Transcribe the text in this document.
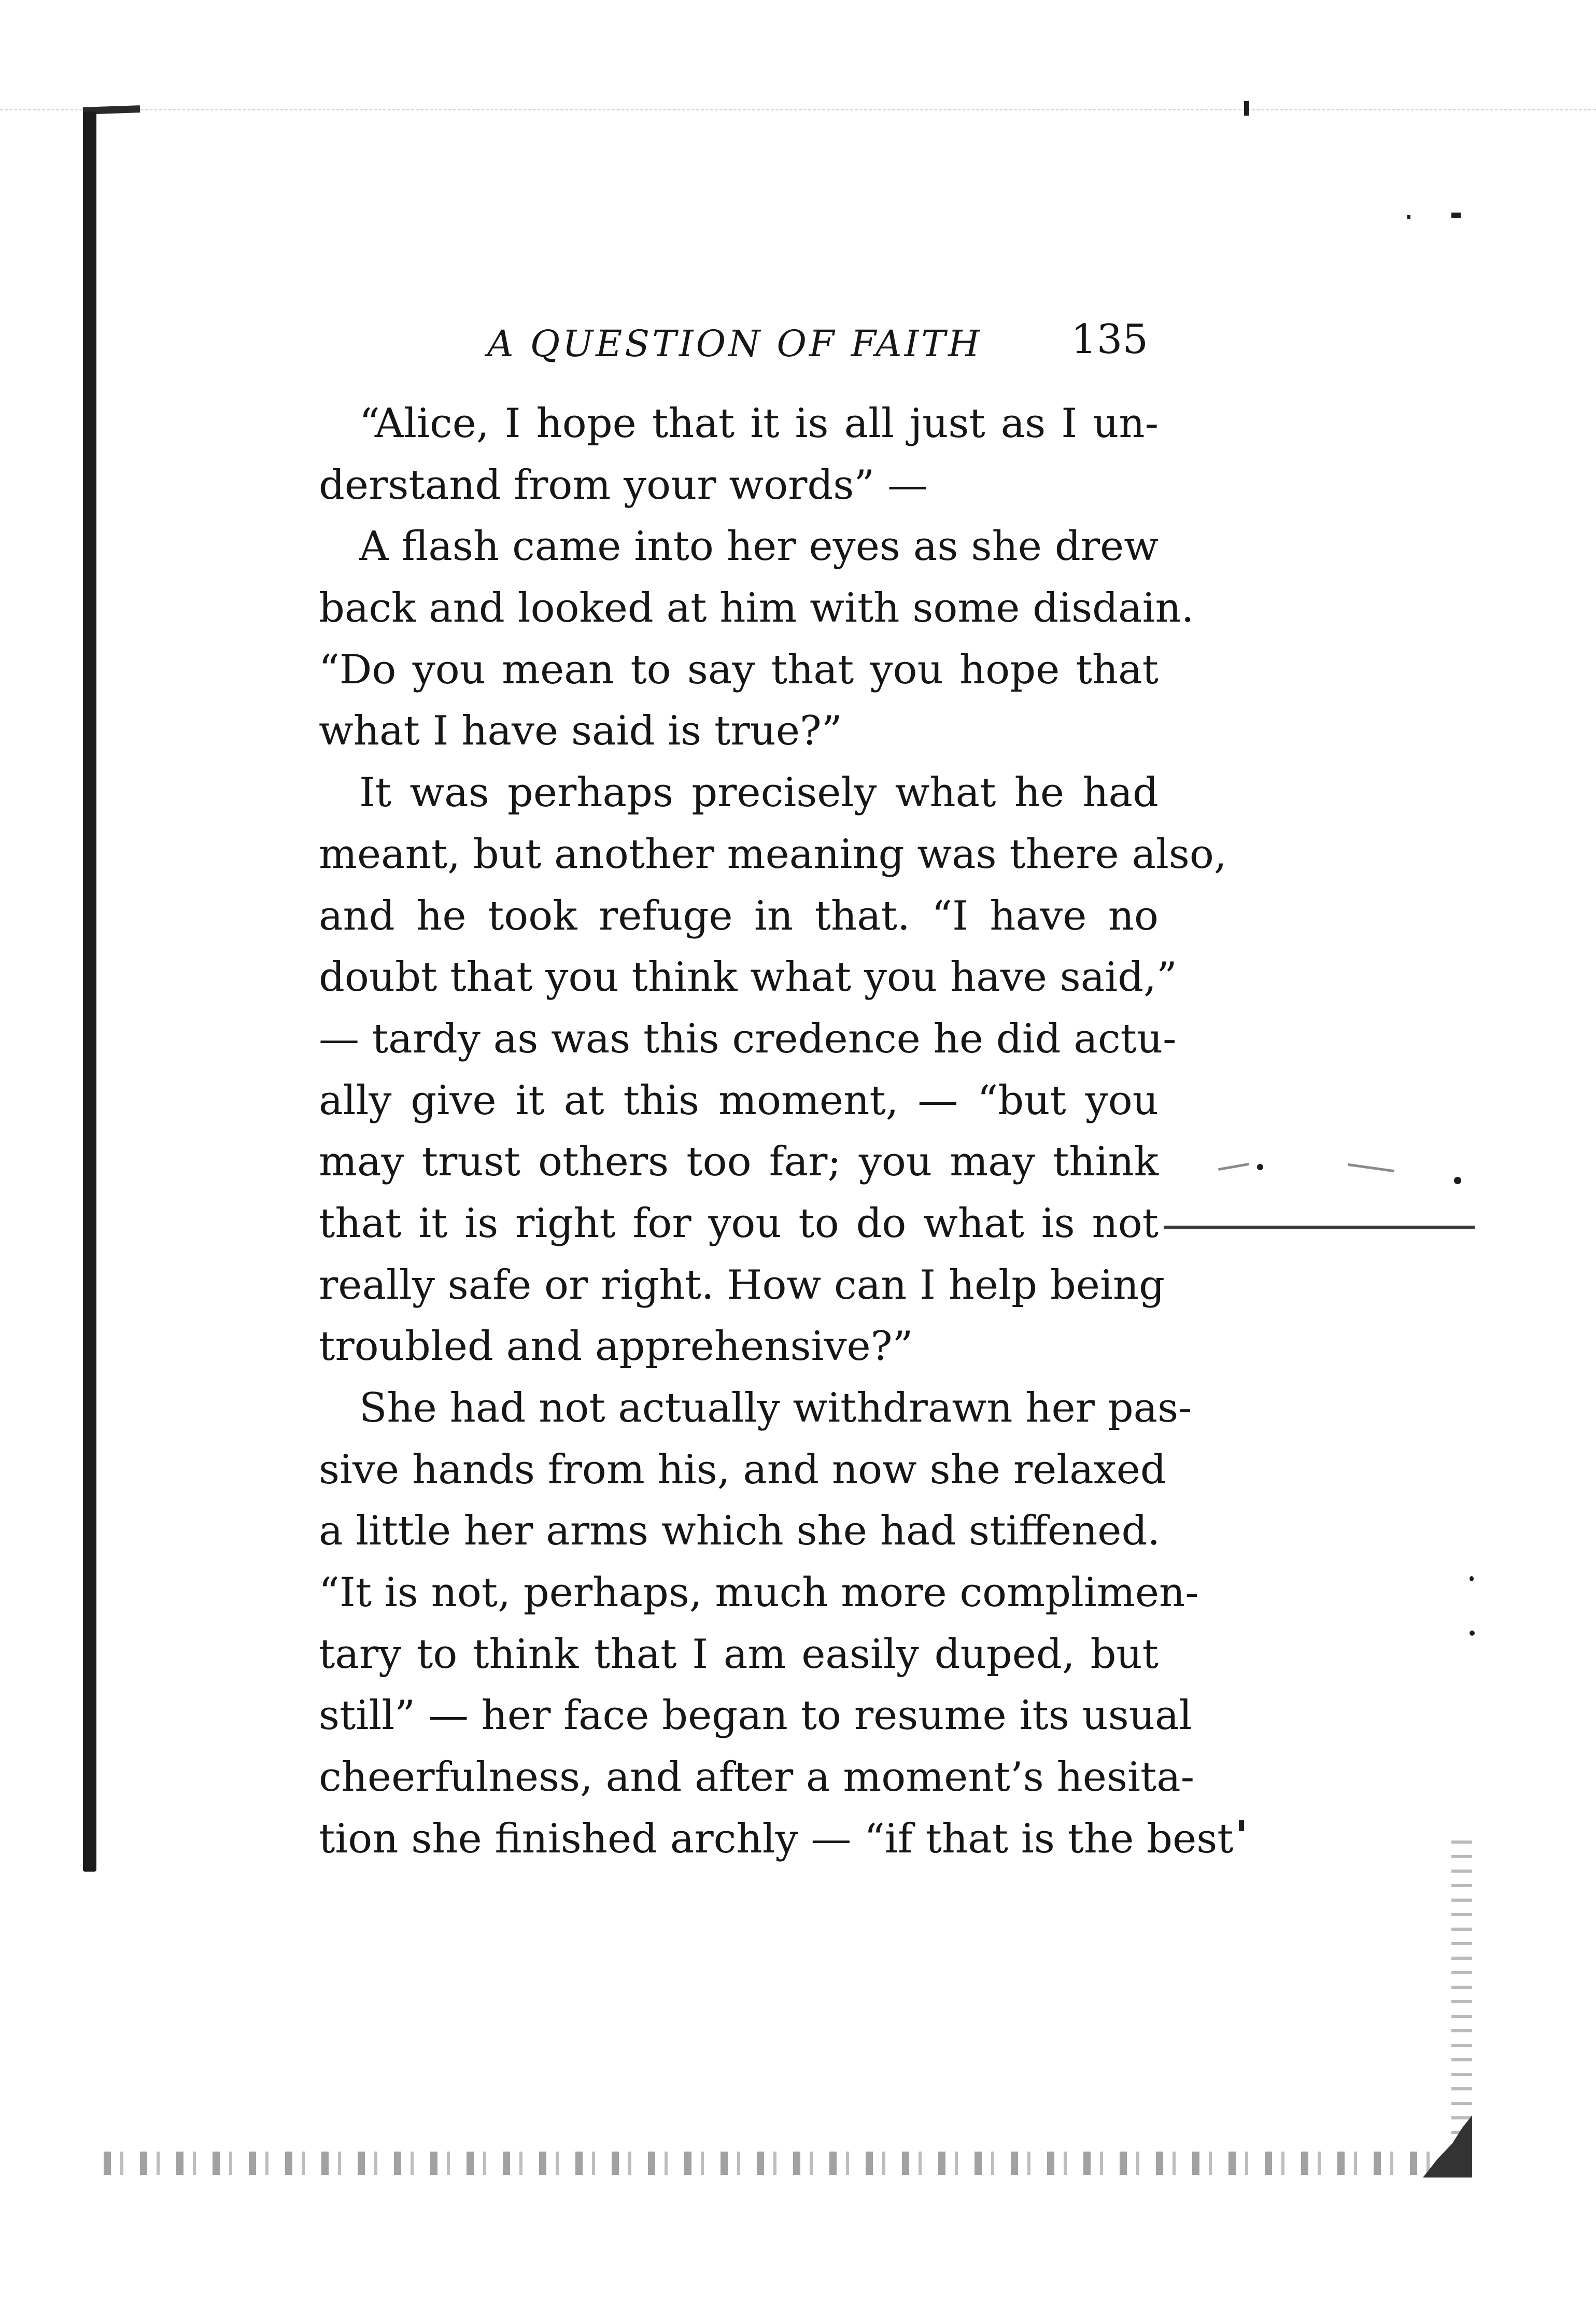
A QUESTION OF FAITH 135
“Alice, I hope that it is all just as I un-
derstand from your words” —
A flash came into her eyes as she drew
back and looked at him with some disdain.
“Do you mean to say that you hope that
what I have said is true?”
It was perhaps precisely what he had
meant, but another meaning was there also,
and he took refuge in that. “I have no
doubt that you think what you have said,”
— tardy as was this credence he did actu-
ally give it at this moment, — “but you
may trust others too far; you may think
that it is right for you to do what is not
really safe or right. How can I help being
troubled and apprehensive?”
She had not actually withdrawn her pas-
sive hands from his, and now she relaxed
a little her arms which she had stiffened.
“It is not, perhaps, much more complimen-
tary to think that I am easily duped, but
still” — her face began to resume its usual
cheerfulness, and after a moment’s hesita-
tion she finished archly — “if that is the best
